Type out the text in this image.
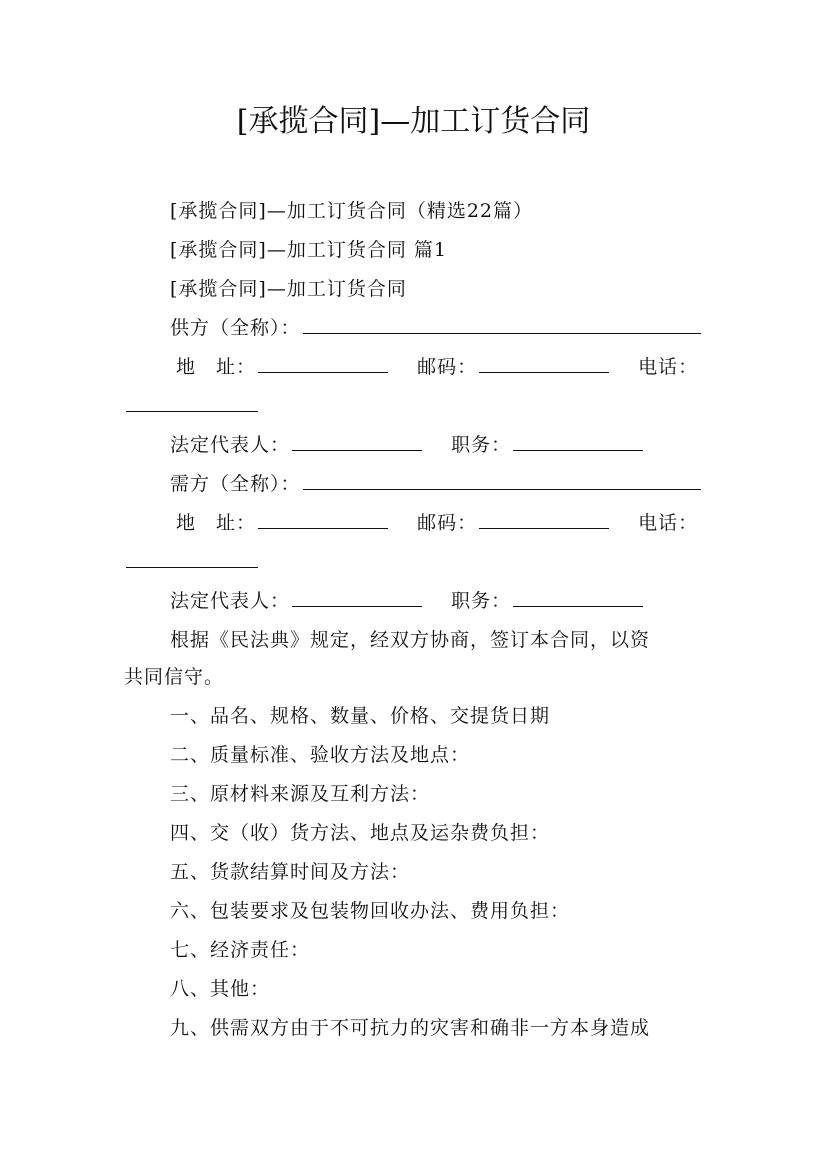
[承揽合同]—加工订货合同
[承揽合同]—加工订货合同（精选22篇）
[承揽合同]—加工订货合同 篇1
[承揽合同]—加工订货合同
供方（全称）：
地　址：	邮码：	电话：
法定代表人：	职务：
需方（全称）：
地　址：	邮码：	电话：
法定代表人：	职务：
根据《民法典》规定，经双方协商，签订本合同，以资
共同信守。
一、品名、规格、数量、价格、交提货日期
二、质量标准、验收方法及地点：
三、原材料来源及互利方法：
四、交（收）货方法、地点及运杂费负担：
五、货款结算时间及方法：
六、包装要求及包装物回收办法、费用负担：
七、经济责任：
八、其他：
九、供需双方由于不可抗力的灾害和确非一方本身造成
